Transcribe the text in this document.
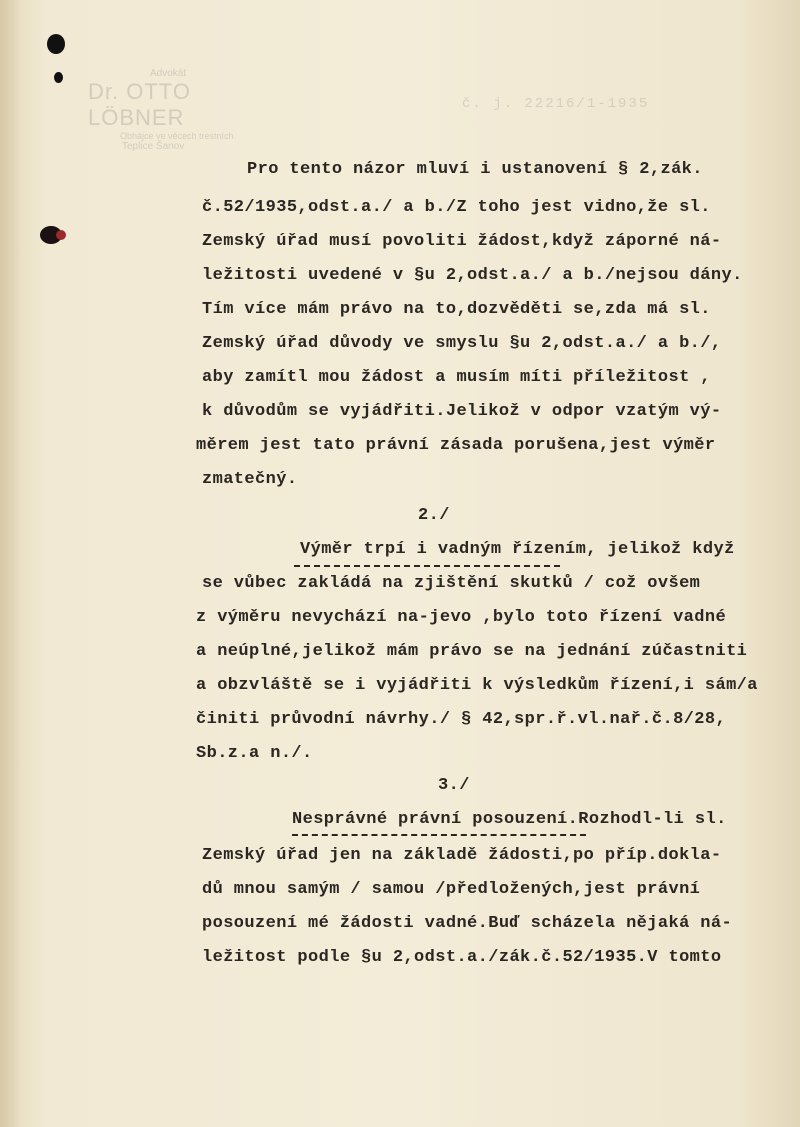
Advokát
Dr. OTTO LÖBNER
Obhájce ve věcech trestních
Teplice Šanov
č. j. 22216/1-1935

Pro tento názor mluví i ustanovení § 2,zák.

č.52/1935,odst.a./ a b./Z toho jest vidno,že sl.

Zemský úřad musí povoliti žádost,když záporné ná-

ležitosti uvedené v §u 2,odst.a./ a b./nejsou dány.

Tím více mám právo na to,dozvěděti se,zda má sl.

Zemský úřad důvody ve smyslu §u 2,odst.a./ a b./,

aby zamítl mou žádost a musím míti příležitost ,

k důvodům se vyjádřiti.Jelikož v odpor vzatým vý-

měrem jest tato právní zásada porušena,jest výměr

zmatečný.

2./

Výměr trpí i vadným řízením, jelikož když

se vůbec zakládá na zjištění skutků / což ovšem

z výměru nevychází na-jevo ,bylo toto řízení vadné

a neúplné,jelikož mám právo se na jednání zúčastniti

a obzvláště se i vyjádřiti k výsledkům řízení,i sám/a

činiti průvodní návrhy./ § 42,spr.ř.vl.nař.č.8/28,

Sb.z.a n./.

3./

Nesprávné právní posouzení.Rozhodl-li sl.

Zemský úřad jen na základě žádosti,po příp.dokla-

dů mnou samým / samou /předložených,jest právní

posouzení mé žádosti vadné.Buď scházela nějaká ná-

ležitost podle §u 2,odst.a./zák.č.52/1935.V tomto
